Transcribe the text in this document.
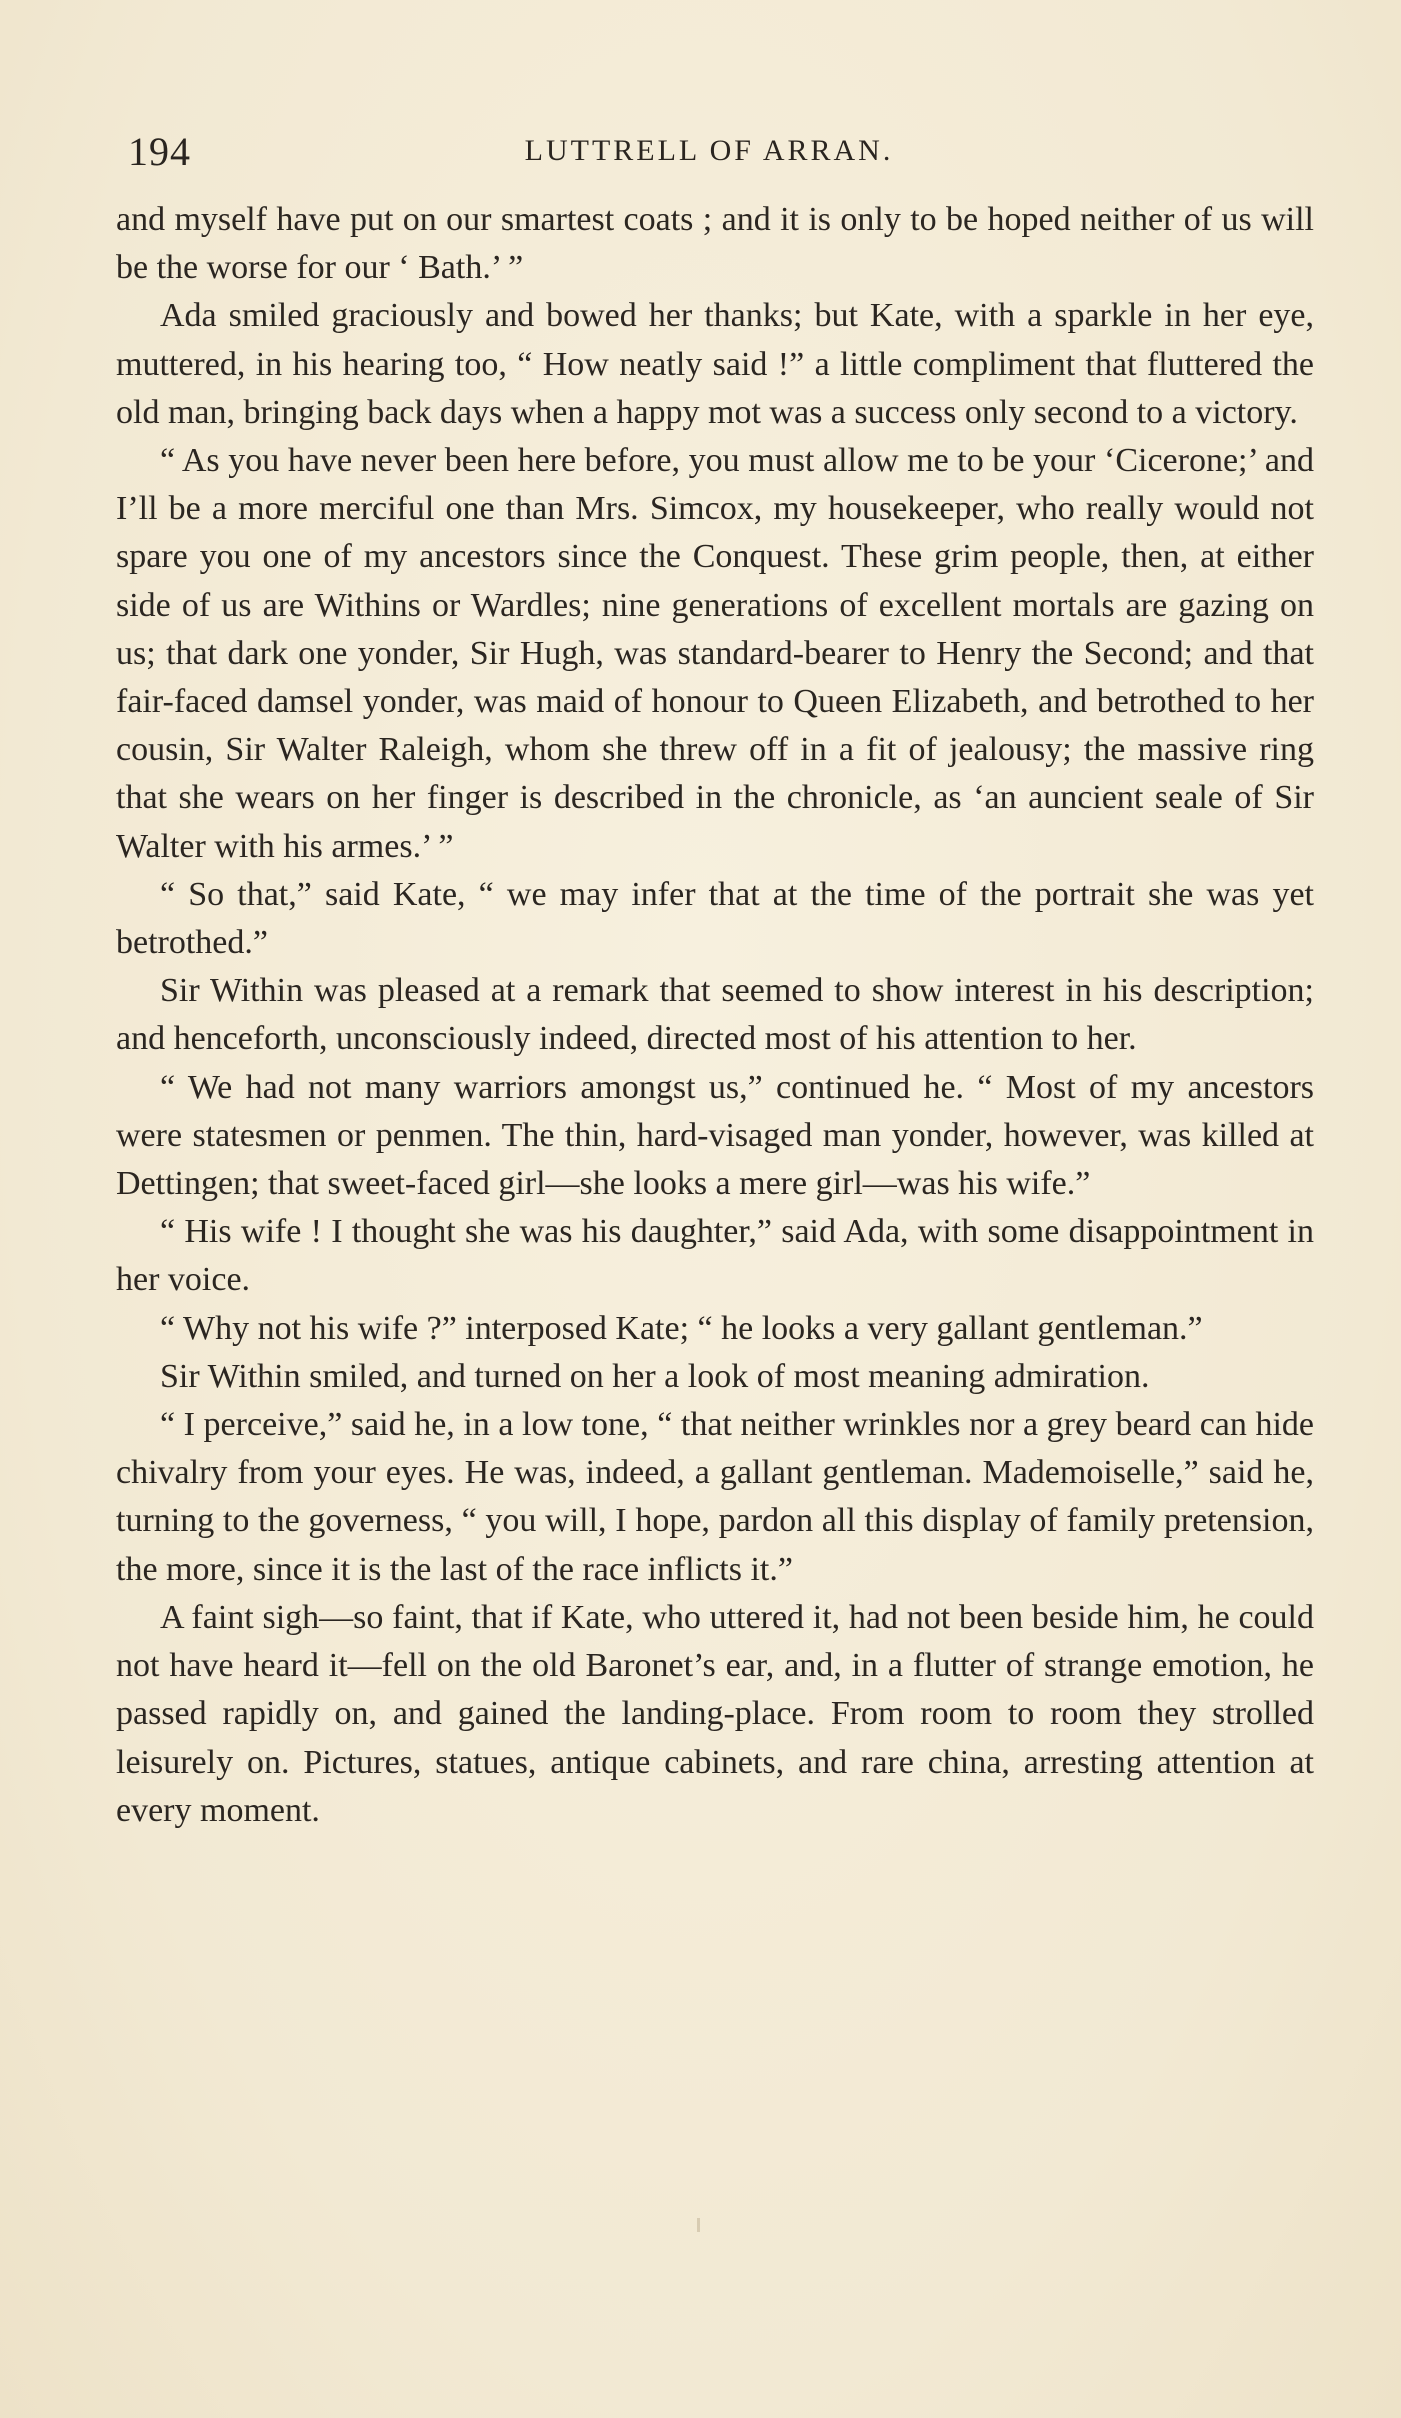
194	LUTTRELL OF ARRAN.

and myself have put on our smartest coats ; and it is only to be hoped neither of us will be the worse for our ‘ Bath.’ ”

Ada smiled graciously and bowed her thanks; but Kate, with a sparkle in her eye, muttered, in his hearing too, “ How neatly said !” a little compliment that fluttered the old man, bringing back days when a happy mot was a success only second to a victory.

“ As you have never been here before, you must allow me to be your ‘Cicerone;’ and I’ll be a more merciful one than Mrs. Simcox, my housekeeper, who really would not spare you one of my ancestors since the Conquest. These grim people, then, at either side of us are Withins or Wardles; nine generations of excellent mortals are gazing on us; that dark one yonder, Sir Hugh, was standard-bearer to Henry the Second; and that fair-faced damsel yonder, was maid of honour to Queen Elizabeth, and betrothed to her cousin, Sir Walter Raleigh, whom she threw off in a fit of jealousy; the massive ring that she wears on her finger is described in the chronicle, as ‘an auncient seale of Sir Walter with his armes.’ ”

“ So that,” said Kate, “ we may infer that at the time of the portrait she was yet betrothed.”

Sir Within was pleased at a remark that seemed to show interest in his description; and henceforth, unconsciously indeed, directed most of his attention to her.

“ We had not many warriors amongst us,” continued he. “ Most of my ancestors were statesmen or penmen. The thin, hard-visaged man yonder, however, was killed at Dettingen; that sweet-faced girl—she looks a mere girl—was his wife.”

“ His wife ! I thought she was his daughter,” said Ada, with some disappointment in her voice.

“ Why not his wife ?” interposed Kate; “ he looks a very gallant gentleman.”

Sir Within smiled, and turned on her a look of most meaning admiration.

“ I perceive,” said he, in a low tone, “ that neither wrinkles nor a grey beard can hide chivalry from your eyes. He was, indeed, a gallant gentleman. Mademoiselle,” said he, turning to the governess, “ you will, I hope, pardon all this display of family pretension, the more, since it is the last of the race inflicts it.”

A faint sigh—so faint, that if Kate, who uttered it, had not been beside him, he could not have heard it—fell on the old Baronet’s ear, and, in a flutter of strange emotion, he passed rapidly on, and gained the landing-place. From room to room they strolled leisurely on. Pictures, statues, antique cabinets, and rare china, arresting attention at every moment.
